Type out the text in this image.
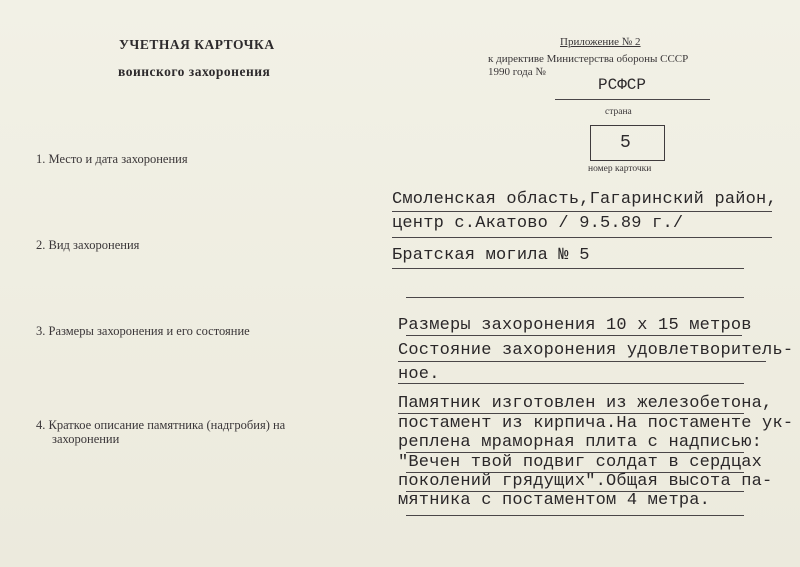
УЧЕТНАЯ КАРТОЧКА
воинского захоронения
Приложение № 2
к директиве Министерства обороны СССР
1990 года №
РСФСР
страна
5
номер карточки
1. Место и дата захоронения
Смоленская область,Гагаринский район,
центр с.Акатово / 9.5.89 г./
2. Вид захоронения
Братская могила № 5
3. Размеры захоронения и его состояние	Размеры захоронения 10 х 15 метров
Состояние захоронения удовлетворитель-
ное.
4. Краткое описание памятника (надгробия) на
захоронении
Памятник изготовлен из железобетона,
постамент из кирпича.На постаменте ук-
реплена мраморная плита с надписью:
"Вечен твой подвиг солдат в сердцах
поколений грядущих".Общая высота па-
мятника с постаментом 4 метра.
